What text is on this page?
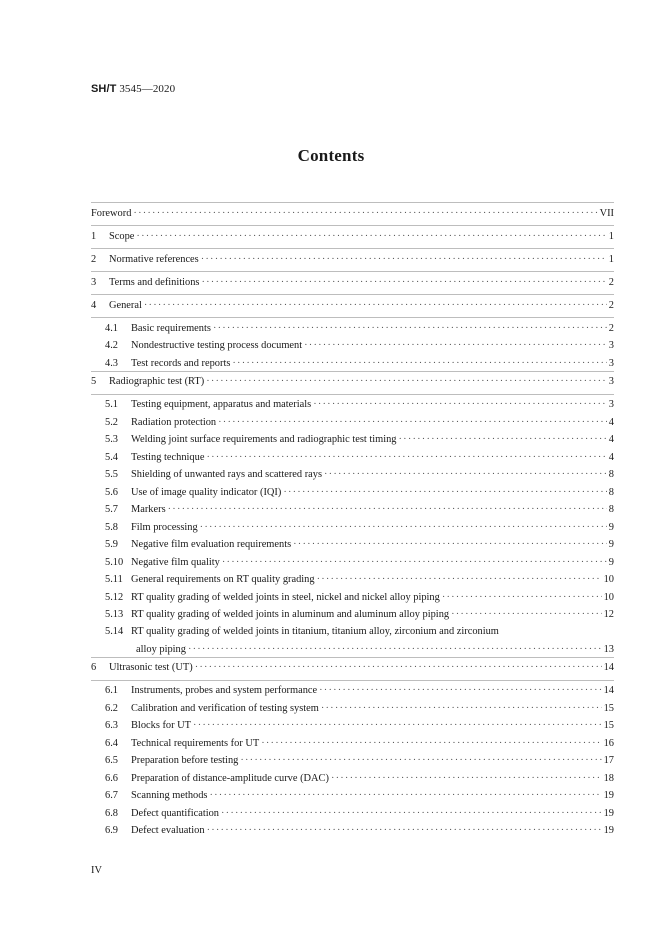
SH/T 3545—2020
Contents
Foreword ·····	VII
1	Scope ·····	1
2	Normative references ·····	1
3	Terms and definitions ·····	2
4	General ·····	2
4.1	Basic requirements ·····	2
4.2	Nondestructive testing process document ·····	3
4.3	Test records and reports ·····	3
5	Radiographic test (RT) ·····	3
5.1	Testing equipment, apparatus and materials ·····	3
5.2	Radiation protection ·····	4
5.3	Welding joint surface requirements and radiographic test timing ·····	4
5.4	Testing technique ·····	4
5.5	Shielding of unwanted rays and scattered rays ·····	8
5.6	Use of image quality indicator (IQI) ·····	8
5.7	Markers ·····	8
5.8	Film processing ·····	9
5.9	Negative film evaluation requirements ·····	9
5.10 Negative film quality ·····	9
5.11 General requirements on RT quality grading ·····	10
5.12 RT quality grading of welded joints in steel, nickel and nickel alloy piping ·····	10
5.13 RT quality grading of welded joints in aluminum and aluminum alloy piping ·····	12
5.14 RT quality grading of welded joints in titanium, titanium alloy, zirconium and zirconium
alloy piping ·····	13
6	Ultrasonic test (UT) ·····	14
6.1	Instruments, probes and system performance ·····	14
6.2	Calibration and verification of testing system ·····	15
6.3	Blocks for UT ·····	15
6.4	Technical requirements for UT ·····	16
6.5	Preparation before testing ·····	17
6.6	Preparation of distance-amplitude curve (DAC) ·····	18
6.7	Scanning methods ·····	19
6.8	Defect quantification ·····	19
6.9	Defect evaluation ·····	19
IV
